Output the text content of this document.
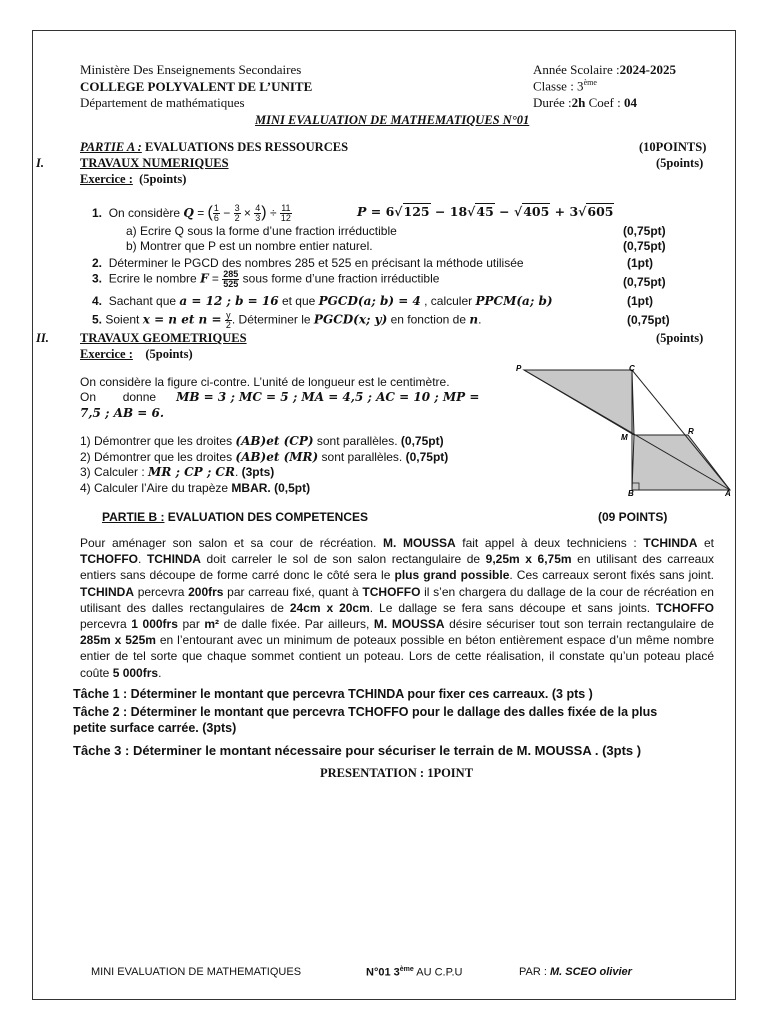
Ministère Des Enseignements Secondaires
COLLEGE POLYVALENT DE L’UNITE
Département de mathématiques
Année Scolaire :2024-2025
Classe : 3ème
Durée :2h Coef : 04
MINI EVALUATION DE MATHEMATIQUES N°01
PARTIE A : EVALUATIONS DES RESSOURCES	(10POINTS)
I.	TRAVAUX NUMERIQUES	(5points)
Exercice : (5points)
1. On considère Q = ( $\frac{1}{6} - \frac{3}{2} \times \frac{4}{3}$ ) ÷ $\frac{11}{12}$	P = 6√125 − 18√45 − √405 + 3√605
a) Ecrire Q sous la forme d’une fraction irréductible	(0,75pt)
b) Montrer que P est un nombre entier naturel.	(0,75pt)
2. Déterminer le PGCD des nombres 285 et 525 en précisant la méthode utilisée	(1pt)
3. Ecrire le nombre $F = \frac{285}{525}$ sous forme d’une fraction irréductible	(0,75pt)
4. Sachant que a = 12 ; b = 16 et que PGCD(a; b) = 4 , calculer PPCM(a; b)	(1pt)
5. Soient x = n et $n = \frac{y}{2}$ . Déterminer le PGCD(x; y) en fonction de n.	(0,75pt)
II. TRAVAUX GEOMETRIQUES	(5points)
Exercice : (5points)
On considère la figure ci-contre. L’unité de longueur est le centimètre.
On donne MB = 3 ; MC = 5 ; MA = 4,5 ; AC = 10 ; MP =
7,5 ; AB = 6.
1) Démontrer que les droites (AB)et (CP) sont parallèles. (0,75pt)
2) Démontrer que les droites (AB)et (MR) sont parallèles. (0,75pt)
3) Calculer : MR ; CP ; CR. (3pts)
4) Calculer l’Aire du trapèze MBAR. (0,5pt)
P	C
M
R
B	A
PARTIE B : EVALUATION DES COMPETENCES	(09 POINTS)
Pour aménager son salon et sa cour de récréation. M. MOUSSA fait appel à deux techniciens : TCHINDA et TCHOFFO. TCHINDA doit carreler le sol de son salon rectangulaire de 9,25m x 6,75m en utilisant des carreaux entiers sans découpe de forme carré donc le côté sera le plus grand possible. Ces carreaux seront fixés sans joint. TCHINDA percevra 200frs par carreau fixé, quant à TCHOFFO il s’en chargera du dallage de la cour de récréation en utilisant des dalles rectangulaires de 24cm x 20cm. Le dallage se fera sans découpe et sans joints. TCHOFFO percevra 1 000frs par m² de dalle fixée. Par ailleurs, M. MOUSSA désire sécuriser tout son terrain rectangulaire de 285m x 525m en l’entourant avec un minimum de poteaux possible en béton entièrement espace d’un même nombre entier de tel sorte que chaque sommet contient un poteau. Lors de cette réalisation, il constate qu’un poteau placé coûte 5 000frs.
Tâche 1 : Déterminer le montant que percevra TCHINDA pour fixer ces carreaux. (3 pts )
Tâche 2 : Déterminer le montant que percevra TCHOFFO pour le dallage des dalles fixée de la plus
petite surface carrée. (3pts)
Tâche 3 : Déterminer le montant nécessaire pour sécuriser le terrain de M. MOUSSA . (3pts )
PRESENTATION : 1POINT
MINI EVALUATION DE MATHEMATIQUES	N°01 3ème AU C.P.U	PAR : M. SCEO olivier
